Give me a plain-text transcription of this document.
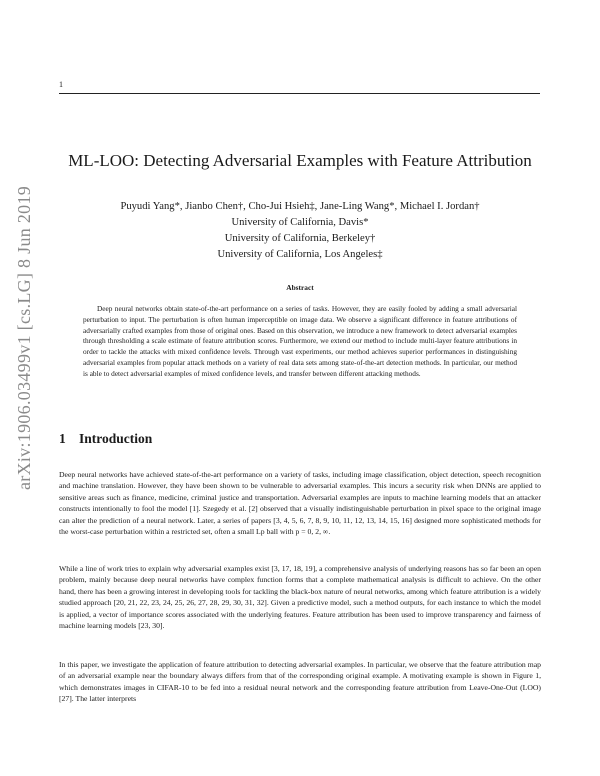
1
arXiv:1906.03499v1 [cs.LG] 8 Jun 2019
ML-LOO: Detecting Adversarial Examples with Feature Attribution
Puyudi Yang*, Jianbo Chen†, Cho-Jui Hsieh‡, Jane-Ling Wang*, Michael I. Jordan†
University of California, Davis*
University of California, Berkeley†
University of California, Los Angeles‡
Abstract

Deep neural networks obtain state-of-the-art performance on a series of tasks. However, they are easily fooled by adding a small adversarial perturbation to input. The perturbation is often human imperceptible on image data. We observe a significant difference in feature attributions of adversarially crafted examples from those of original ones. Based on this observation, we introduce a new framework to detect adversarial examples through thresholding a scale estimate of feature attribution scores. Furthermore, we extend our method to include multi-layer feature attributions in order to tackle the attacks with mixed confidence levels. Through vast experiments, our method achieves superior performances in distinguishing adversarial examples from popular attack methods on a variety of real data sets among state-of-the-art detection methods. In particular, our method is able to detect adversarial examples of mixed confidence levels, and transfer between different attacking methods.

1 Introduction

Deep neural networks have achieved state-of-the-art performance on a variety of tasks, including image classification, object detection, speech recognition and machine translation. However, they have been shown to be vulnerable to adversarial examples. This incurs a security risk when DNNs are applied to sensitive areas such as finance, medicine, criminal justice and transportation. Adversarial examples are inputs to machine learning models that an attacker constructs intentionally to fool the model [1]. Szegedy et al. [2] observed that a visually indistinguishable perturbation in pixel space to the original image can alter the prediction of a neural network. Later, a series of papers [3, 4, 5, 6, 7, 8, 9, 10, 11, 12, 13, 14, 15, 16] designed more sophisticated methods for the worst-case perturbation within a restricted set, often a small Lp ball with p = 0, 2, ∞.

While a line of work tries to explain why adversarial examples exist [3, 17, 18, 19], a comprehensive analysis of underlying reasons has so far been an open problem, mainly because deep neural networks have complex function forms that a complete mathematical analysis is difficult to achieve. On the other hand, there has been a growing interest in developing tools for tackling the black-box nature of neural networks, among which feature attribution is a widely studied approach [20, 21, 22, 23, 24, 25, 26, 27, 28, 29, 30, 31, 32]. Given a predictive model, such a method outputs, for each instance to which the model is applied, a vector of importance scores associated with the underlying features. Feature attribution has been used to improve transparency and fairness of machine learning models [23, 30].

In this paper, we investigate the application of feature attribution to detecting adversarial examples. In particular, we observe that the feature attribution map of an adversarial example near the boundary always differs from that of the corresponding original example. A motivating example is shown in Figure 1, which demonstrates images in CIFAR-10 to be fed into a residual neural network and the corresponding feature attribution from Leave-One-Out (LOO) [27]. The latter interprets
